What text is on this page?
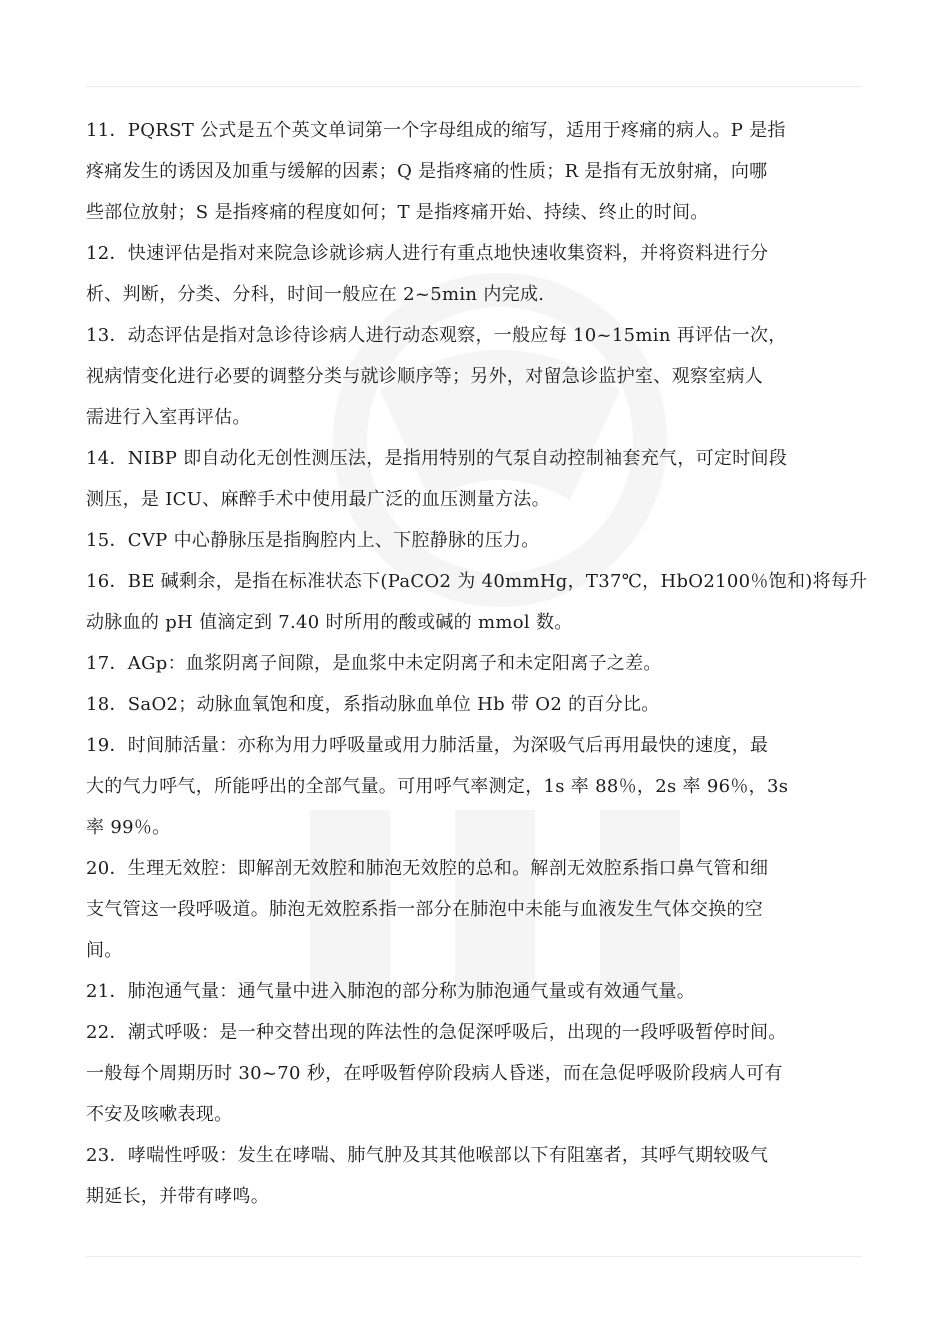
11．PQRST 公式是五个英文单词第一个字母组成的缩写，适用于疼痛的病人。P 是指
疼痛发生的诱因及加重与缓解的因素；Q 是指疼痛的性质；R 是指有无放射痛，向哪
些部位放射；S 是指疼痛的程度如何；T 是指疼痛开始、持续、终止的时间。
12．快速评估是指对来院急诊就诊病人进行有重点地快速收集资料，并将资料进行分
析、判断，分类、分科，时间一般应在 2~5min 内完成.
13．动态评估是指对急诊待诊病人进行动态观察，一般应每 10~15min 再评估一次，
视病情变化进行必要的调整分类与就诊顺序等；另外，对留急诊监护室、观察室病人
需进行入室再评估。
14．NIBP 即自动化无创性测压法，是指用特别的气泵自动控制袖套充气，可定时间段
测压，是 ICU、麻醉手术中使用最广泛的血压测量方法。
15．CVP 中心静脉压是指胸腔内上、下腔静脉的压力。
16．BE 碱剩余，是指在标准状态下(PaCO2 为 40mmHg，T37℃，HbO2100％饱和)将每升
动脉血的 pH 值滴定到 7.40 时所用的酸或碱的 mmol 数。
17．AGp：血浆阴离子间隙，是血浆中未定阴离子和未定阳离子之差。
18．SaO2；动脉血氧饱和度，系指动脉血单位 Hb 带 O2 的百分比。
19．时间肺活量：亦称为用力呼吸量或用力肺活量，为深吸气后再用最快的速度，最
大的气力呼气，所能呼出的全部气量。可用呼气率测定，1s 率 88％，2s 率 96％，3s
率 99％。
20．生理无效腔：即解剖无效腔和肺泡无效腔的总和。解剖无效腔系指口鼻气管和细
支气管这一段呼吸道。肺泡无效腔系指一部分在肺泡中未能与血液发生气体交换的空
间。
21．肺泡通气量：通气量中进入肺泡的部分称为肺泡通气量或有效通气量。
22．潮式呼吸：是一种交替出现的阵法性的急促深呼吸后，出现的一段呼吸暂停时间。
一般每个周期历时 30~70 秒，在呼吸暂停阶段病人昏迷，而在急促呼吸阶段病人可有
不安及咳嗽表现。
23．哮喘性呼吸：发生在哮喘、肺气肿及其其他喉部以下有阻塞者，其呼气期较吸气
期延长，并带有哮鸣。
